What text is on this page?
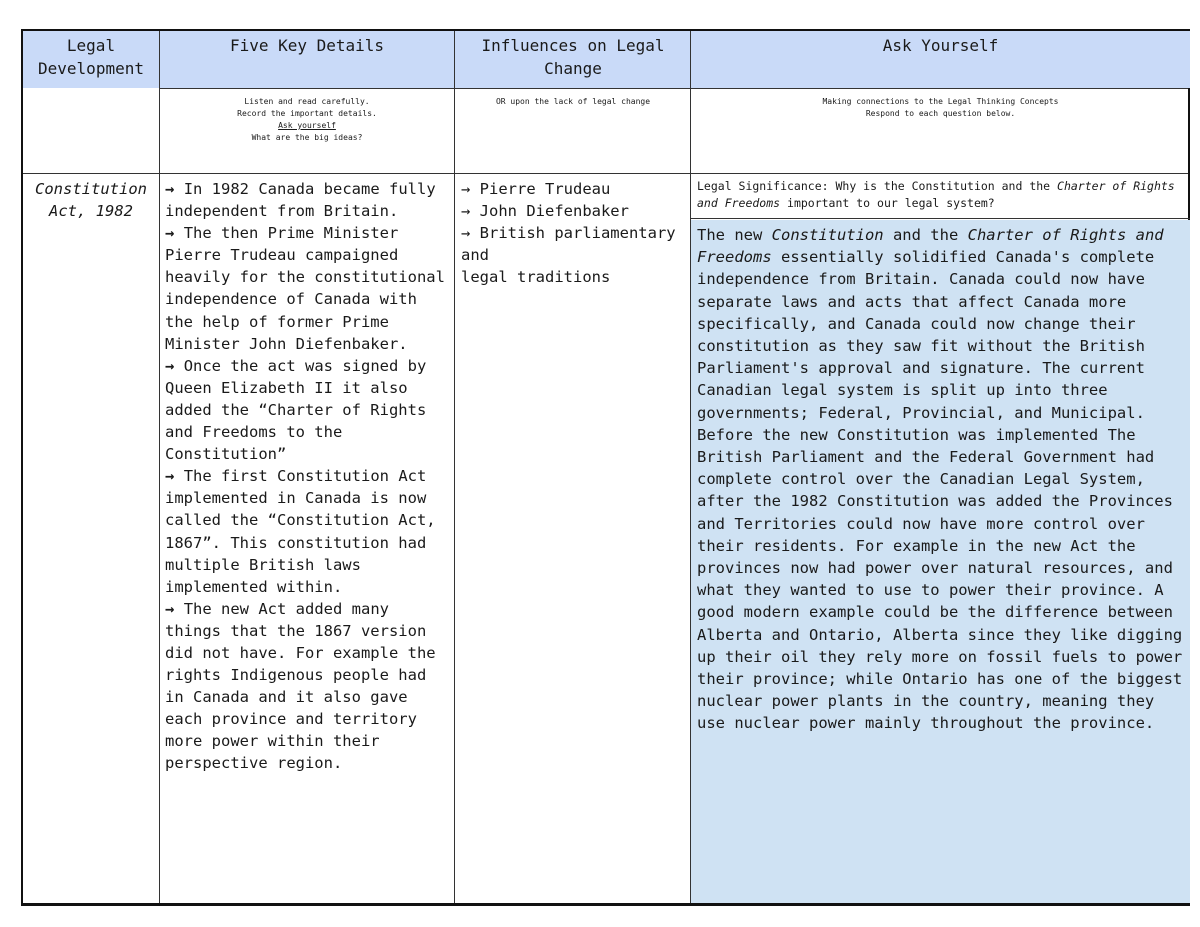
Legal Development
Five Key Details	Influences on Legal Change
Ask Yourself
Listen and read carefully.
Record the important details.
Ask yourself
What are the big ideas?
OR upon the lack of legal change	Making connections to the Legal Thinking Concepts
Respond to each question below.
Constitution Act, 1982
→ In 1982 Canada became fully independent from Britain.
→ The then Prime Minister Pierre Trudeau campaigned heavily for the constitutional independence of Canada with the help of former Prime Minister John Diefenbaker.
→ Once the act was signed by Queen Elizabeth II it also added the “Charter of Rights and Freedoms to the Constitution”
→ The first Constitution Act implemented in Canada is now called the “Constitution Act, 1867”. This constitution had multiple British laws implemented within.
→ The new Act added many things that the 1867 version did not have. For example the rights Indigenous people had in Canada and it also gave each province and territory more power within their perspective region.
→ Pierre Trudeau
→ John Diefenbaker
→ British parliamentary
and
legal traditions
Legal Significance: Why is the Constitution and the Charter of Rights and Freedoms important to our legal system?
The new Constitution and the Charter of Rights and Freedoms essentially solidified Canada's complete independence from Britain. Canada could now have separate laws and acts that affect Canada more specifically, and Canada could now change their constitution as they saw fit without the British Parliament's approval and signature. The current Canadian legal system is split up into three governments; Federal, Provincial, and Municipal. Before the new Constitution was implemented The British Parliament and the Federal Government had complete control over the Canadian Legal System, after the 1982 Constitution was added the Provinces and Territories could now have more control over their residents. For example in the new Act the provinces now had power over natural resources, and what they wanted to use to power their province. A good modern example could be the difference between Alberta and Ontario, Alberta since they like digging up their oil they rely more on fossil fuels to power their province; while Ontario has one of the biggest nuclear power plants in the country, meaning they use nuclear power mainly throughout the province.
